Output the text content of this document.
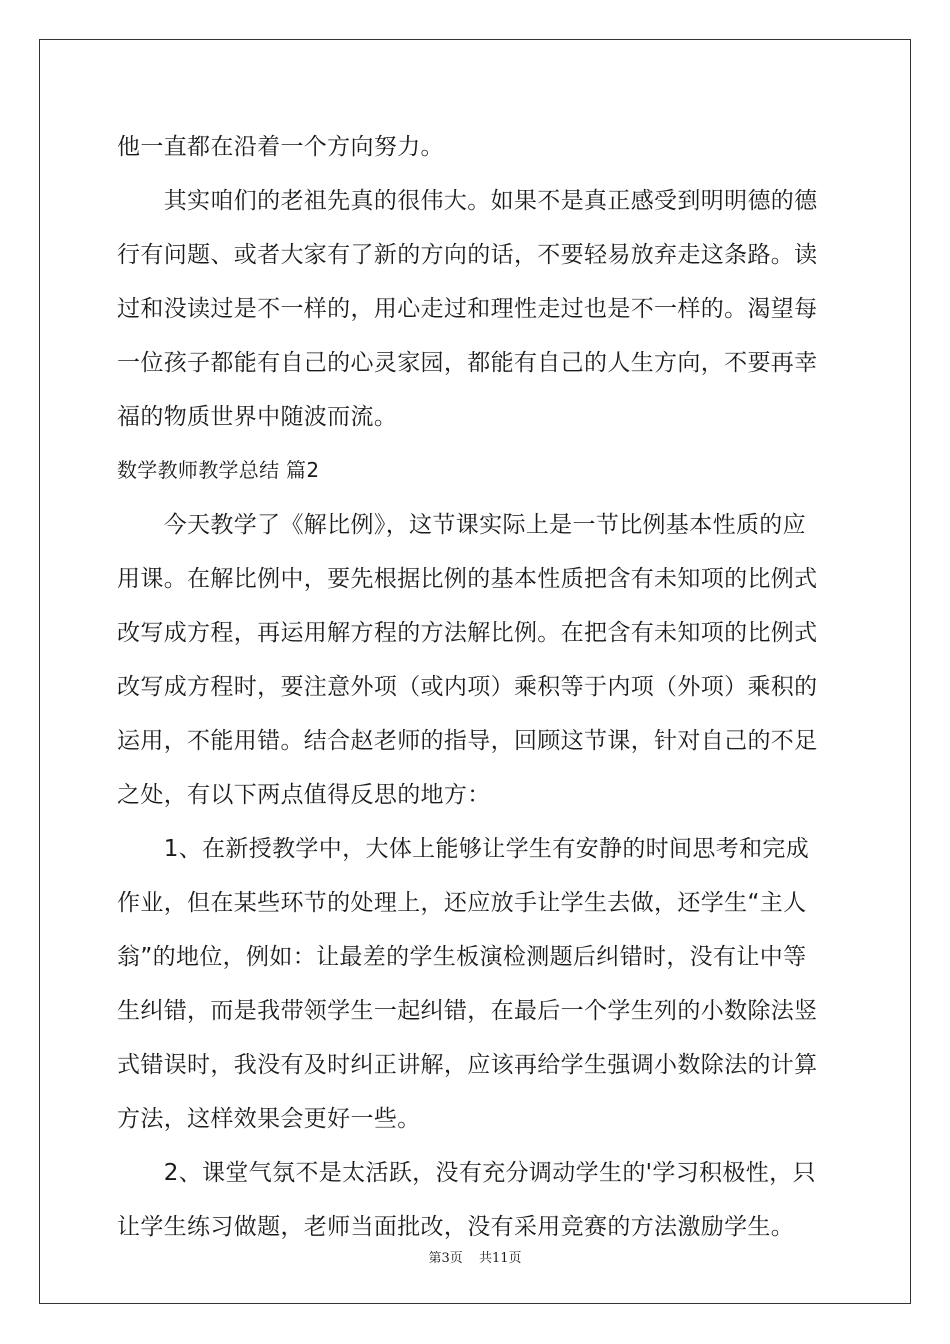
他一直都在沿着一个方向努力。
　　其实咱们的老祖先真的很伟大。如果不是真正感受到明明德的德
行有问题、或者大家有了新的方向的话，不要轻易放弃走这条路。读
过和没读过是不一样的，用心走过和理性走过也是不一样的。渴望每
一位孩子都能有自己的心灵家园，都能有自己的人生方向，不要再幸
福的物质世界中随波而流。
数学教师教学总结 篇2
　　今天教学了《解比例》，这节课实际上是一节比例基本性质的应
用课。在解比例中，要先根据比例的基本性质把含有未知项的比例式
改写成方程，再运用解方程的方法解比例。在把含有未知项的比例式
改写成方程时，要注意外项（或内项）乘积等于内项（外项）乘积的
运用，不能用错。结合赵老师的指导，回顾这节课，针对自己的不足
之处，有以下两点值得反思的地方：
　　1、在新授教学中，大体上能够让学生有安静的时间思考和完成
作业，但在某些环节的处理上，还应放手让学生去做，还学生“主人
翁”的地位，例如：让最差的学生板演检测题后纠错时，没有让中等
生纠错，而是我带领学生一起纠错，在最后一个学生列的小数除法竖
式错误时，我没有及时纠正讲解，应该再给学生强调小数除法的计算
方法，这样效果会更好一些。
　　2、课堂气氛不是太活跃，没有充分调动学生的'学习积极性，只
让学生练习做题，老师当面批改，没有采用竞赛的方法激励学生。
第3页 共11页
